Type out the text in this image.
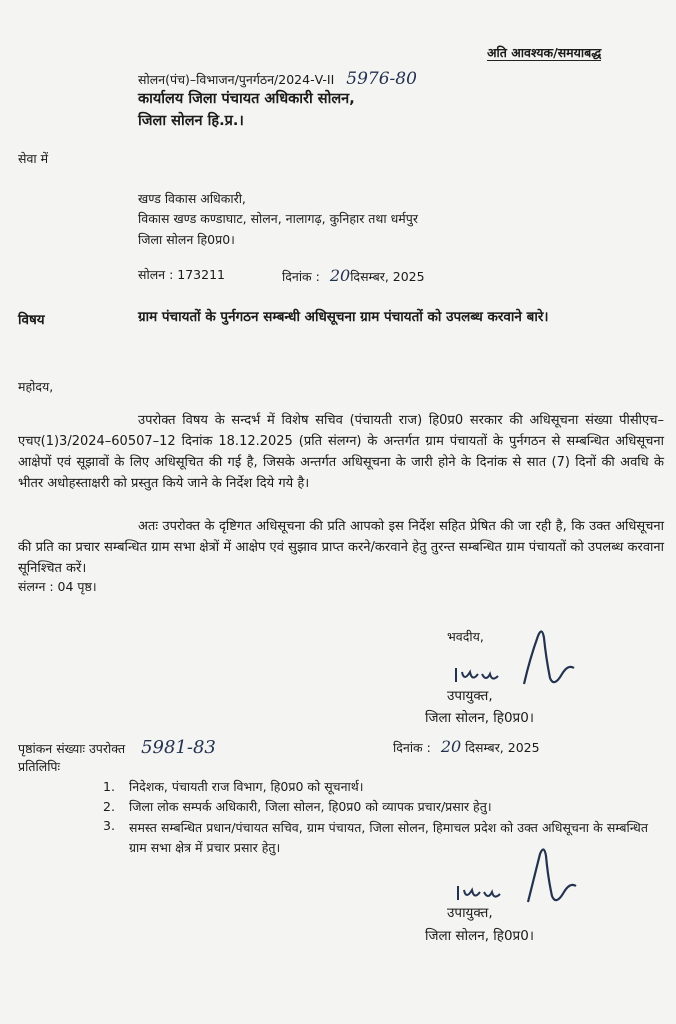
अति आवश्यक/समयाबद्ध
सोलन(पंच)–विभाजन/पुनर्गठन/2024-V-II 5976-80
कार्यालय जिला पंचायत अधिकारी सोलन,
जिला सोलन हि.प्र.।
सेवा में
खण्ड विकास अधिकारी,
विकास खण्ड कण्डाघाट, सोलन, नालागढ़, कुनिहार तथा धर्मपुर
जिला सोलन हि0प्र0।
सोलन : 173211	दिनांक : 20दिसम्बर, 2025
विषय	ग्राम पंचायतों के पुर्नगठन सम्बन्धी अधिसूचना ग्राम पंचायतों को उपलब्ध करवाने बारे।
महोदय,
उपरोक्त विषय के सन्दर्भ में विशेष सचिव (पंचायती राज) हि0प्र0 सरकार की अधिसूचना संख्या पीसीएच–एचए(1)3/2024–60507–12 दिनांक 18.12.2025 (प्रति संलग्न) के अन्तर्गत ग्राम पंचायतों के पुर्नगठन से सम्बन्धित अधिसूचना आक्षेपों एवं सूझावों के लिए अधिसूचित की गई है, जिसके अन्तर्गत अधिसूचना के जारी होने के दिनांक से सात (7) दिनों की अवधि के भीतर अधोहस्ताक्षरी को प्रस्तुत किये जाने के निर्देश दिये गये है।
अतः उपरोक्त के दृष्टिगत अधिसूचना की प्रति आपको इस निर्देश सहित प्रेषित की जा रही है, कि उक्त अधिसूचना की प्रति का प्रचार सम्बन्धित ग्राम सभा क्षेत्रों में आक्षेप एवं सुझाव प्राप्त करने/करवाने हेतु तुरन्त सम्बन्धित ग्राम पंचायतों को उपलब्ध करवाना सूनिश्चित करें।
संलग्न : 04 पृष्ठ।
भवदीय,
उपायुक्त,
जिला सोलन, हि0प्र0।
पृष्ठांकन संख्याः उपरोक्त 5981-83	दिनांक : 20 दिसम्बर, 2025
प्रतिलिपिः
1. निदेशक, पंचायती राज विभाग, हि0प्र0 को सूचनार्थ।
2. जिला लोक सम्पर्क अधिकारी, जिला सोलन, हि0प्र0 को व्यापक प्रचार/प्रसार हेतु।
3. समस्त सम्बन्धित प्रधान/पंचायत सचिव, ग्राम पंचायत, जिला सोलन, हिमाचल प्रदेश को उक्त अधिसूचना के सम्बन्धित ग्राम सभा क्षेत्र में प्रचार प्रसार हेतु।
उपायुक्त,
जिला सोलन, हि0प्र0।
